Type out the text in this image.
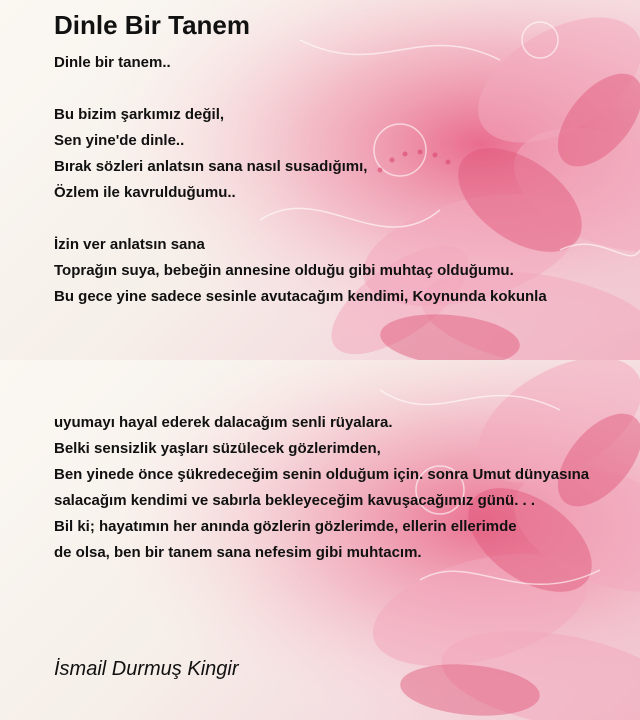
Dinle Bir Tanem
Dinle bir tanem..
Bu bizim şarkımız değil,
Sen yine'de dinle..
Bırak sözleri anlatsın sana nasıl susadığımı,
Özlem ile kavrulduğumu..
İzin ver anlatsın sana
Toprağın suya, bebeğin annesine olduğu gibi muhtaç olduğumu.
Bu gece yine sadece sesinle avutacağım kendimi, Koynunda kokunla
uyumayı hayal ederek dalacağım senli rüyalara.
Belki sensizlik yaşları süzülecek gözlerimden,
Ben yinede önce şükredeceğim senin olduğum için. sonra Umut dünyasına
salacağım kendimi ve sabırla bekleyeceğim kavuşacağımız günü. . .
Bil ki; hayatımın her anında gözlerin gözlerimde, ellerin ellerimde
de olsa, ben bir tanem sana nefesim gibi muhtacım.
İsmail Durmuş Kingir
